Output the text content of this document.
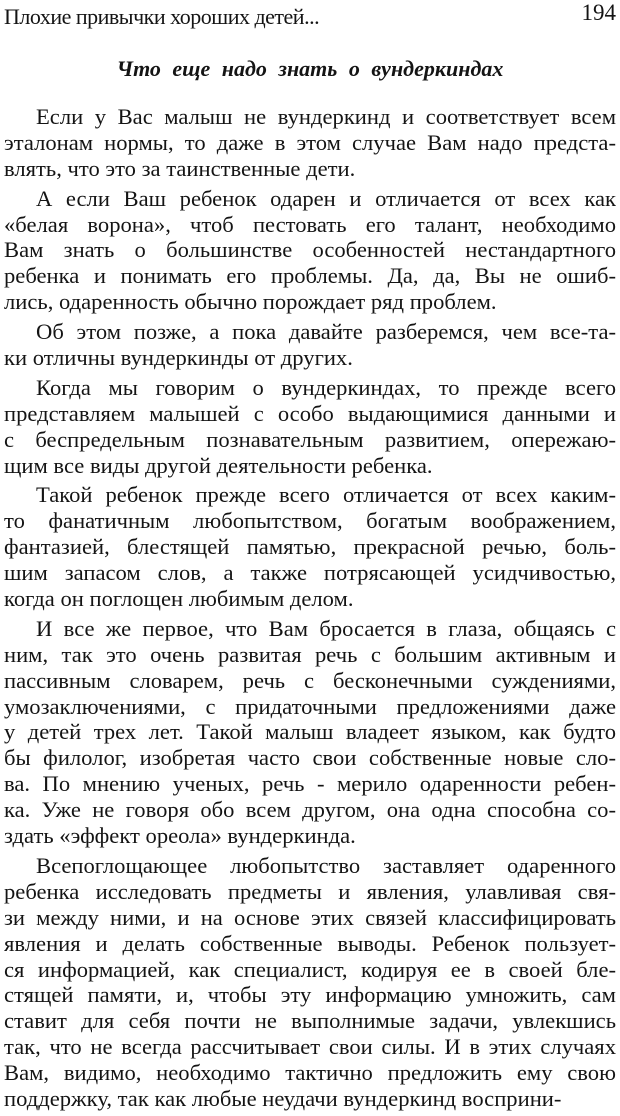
Плохие привычки хороших детей...	194
Что еще надо знать о вундеркиндах
Если у Вас малыш не вундеркинд и соответствует всем
эталонам нормы, то даже в этом случае Вам надо предста-
влять, что это за таинственные дети.
А если Ваш ребенок одарен и отличается от всех как
«белая ворона», чтоб пестовать его талант, необходимо
Вам знать о большинстве особенностей нестандартного
ребенка и понимать его проблемы. Да, да, Вы не ошиб-
лись, одаренность обычно порождает ряд проблем.
Об этом позже, а пока давайте разберемся, чем все-та-
ки отличны вундеркинды от других.
Когда мы говорим о вундеркиндах, то прежде всего
представляем малышей с особо выдающимися данными и
с беспредельным познавательным развитием, опережаю-
щим все виды другой деятельности ребенка.
Такой ребенок прежде всего отличается от всех каким-
то фанатичным любопытством, богатым воображением,
фантазией, блестящей памятью, прекрасной речью, боль-
шим запасом слов, а также потрясающей усидчивостью,
когда он поглощен любимым делом.
И все же первое, что Вам бросается в глаза, общаясь с
ним, так это очень развитая речь с большим активным и
пассивным словарем, речь с бесконечными суждениями,
умозаключениями, с придаточными предложениями даже
у детей трех лет. Такой малыш владеет языком, как будто
бы филолог, изобретая часто свои собственные новые сло-
ва. По мнению ученых, речь - мерило одаренности ребен-
ка. Уже не говоря обо всем другом, она одна способна со-
здать «эффект ореола» вундеркинда.
Всепоглощающее любопытство заставляет одаренного
ребенка исследовать предметы и явления, улавливая свя-
зи между ними, и на основе этих связей классифицировать
явления и делать собственные выводы. Ребенок пользует-
ся информацией, как специалист, кодируя ее в своей бле-
стящей памяти, и, чтобы эту информацию умножить, сам
ставит для себя почти не выполнимые задачи, увлекшись
так, что не всегда рассчитывает свои силы. И в этих случаях
Вам, видимо, необходимо тактично предложить ему свою
поддержку, так как любые неудачи вундеркинд восприни-
